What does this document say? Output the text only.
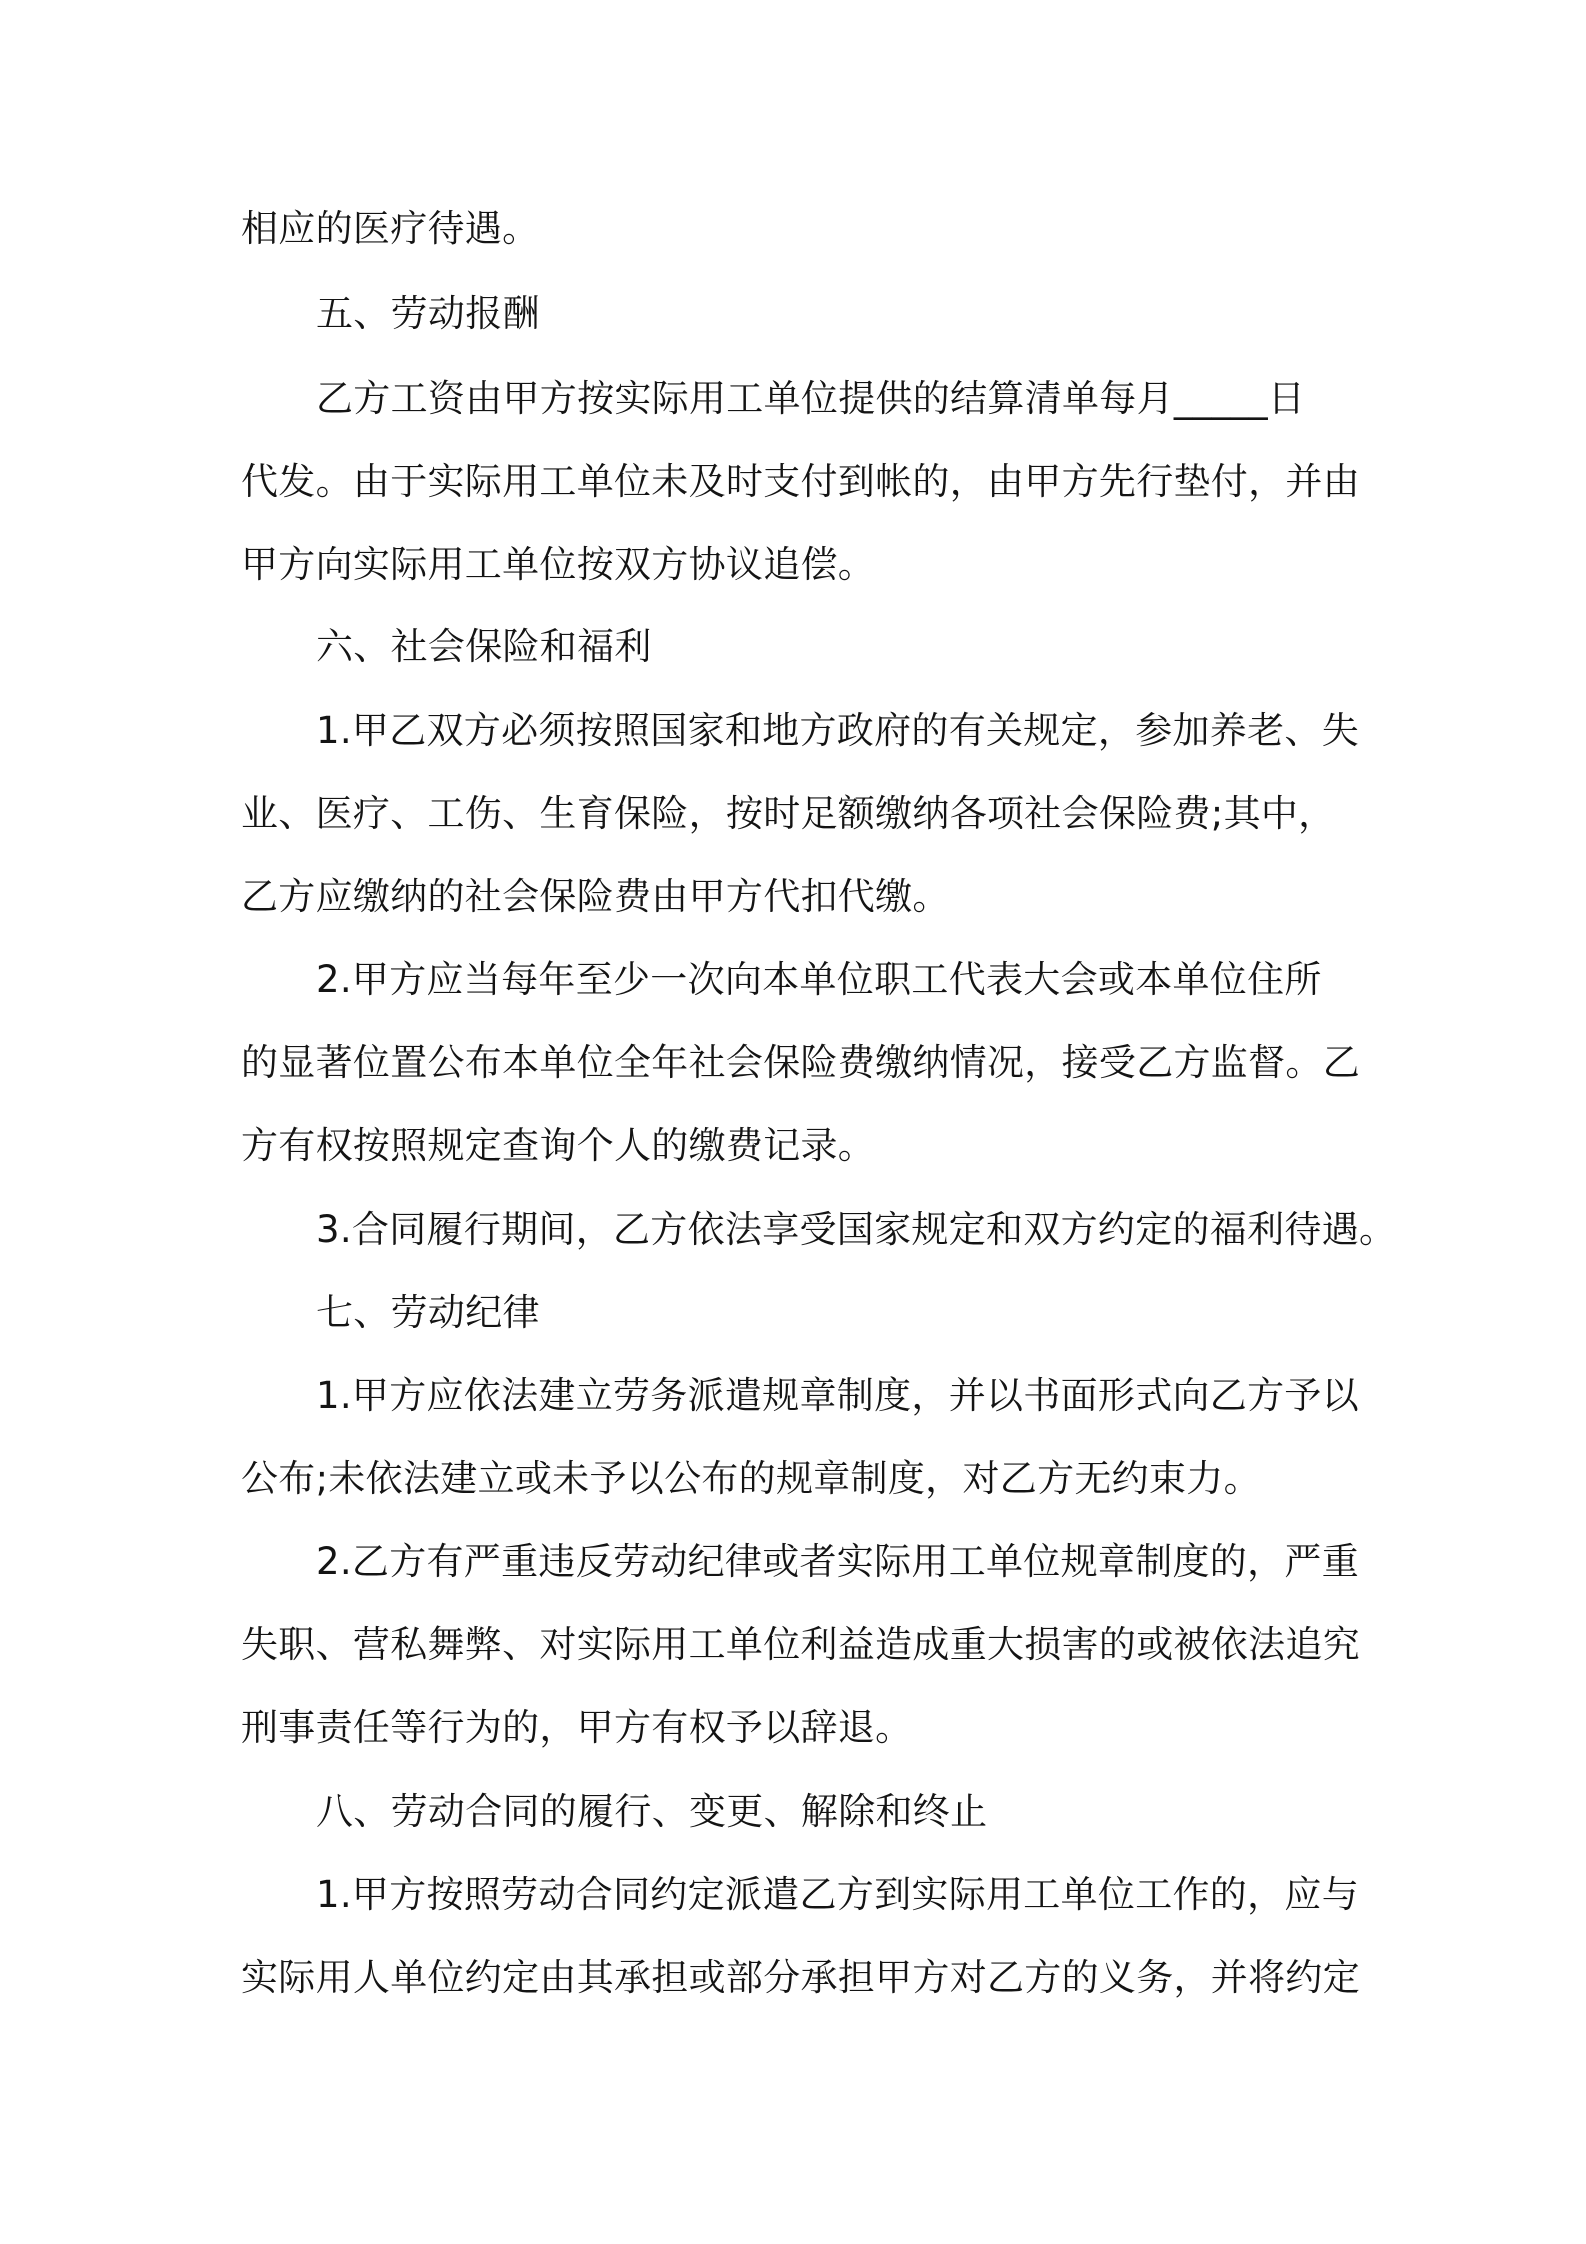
相应的医疗待遇。
五、劳动报酬
乙方工资由甲方按实际用工单位提供的结算清单每月_____日
代发。由于实际用工单位未及时支付到帐的，由甲方先行垫付，并由
甲方向实际用工单位按双方协议追偿。
六、社会保险和福利
1.甲乙双方必须按照国家和地方政府的有关规定，参加养老、失
业、医疗、工伤、生育保险，按时足额缴纳各项社会保险费;其中，
乙方应缴纳的社会保险费由甲方代扣代缴。
2.甲方应当每年至少一次向本单位职工代表大会或本单位住所
的显著位置公布本单位全年社会保险费缴纳情况，接受乙方监督。乙
方有权按照规定查询个人的缴费记录。
3.合同履行期间，乙方依法享受国家规定和双方约定的福利待遇。
七、劳动纪律
1.甲方应依法建立劳务派遣规章制度，并以书面形式向乙方予以
公布;未依法建立或未予以公布的规章制度，对乙方无约束力。
2.乙方有严重违反劳动纪律或者实际用工单位规章制度的，严重
失职、营私舞弊、对实际用工单位利益造成重大损害的或被依法追究
刑事责任等行为的，甲方有权予以辞退。
八、劳动合同的履行、变更、解除和终止
1.甲方按照劳动合同约定派遣乙方到实际用工单位工作的，应与
实际用人单位约定由其承担或部分承担甲方对乙方的义务，并将约定
